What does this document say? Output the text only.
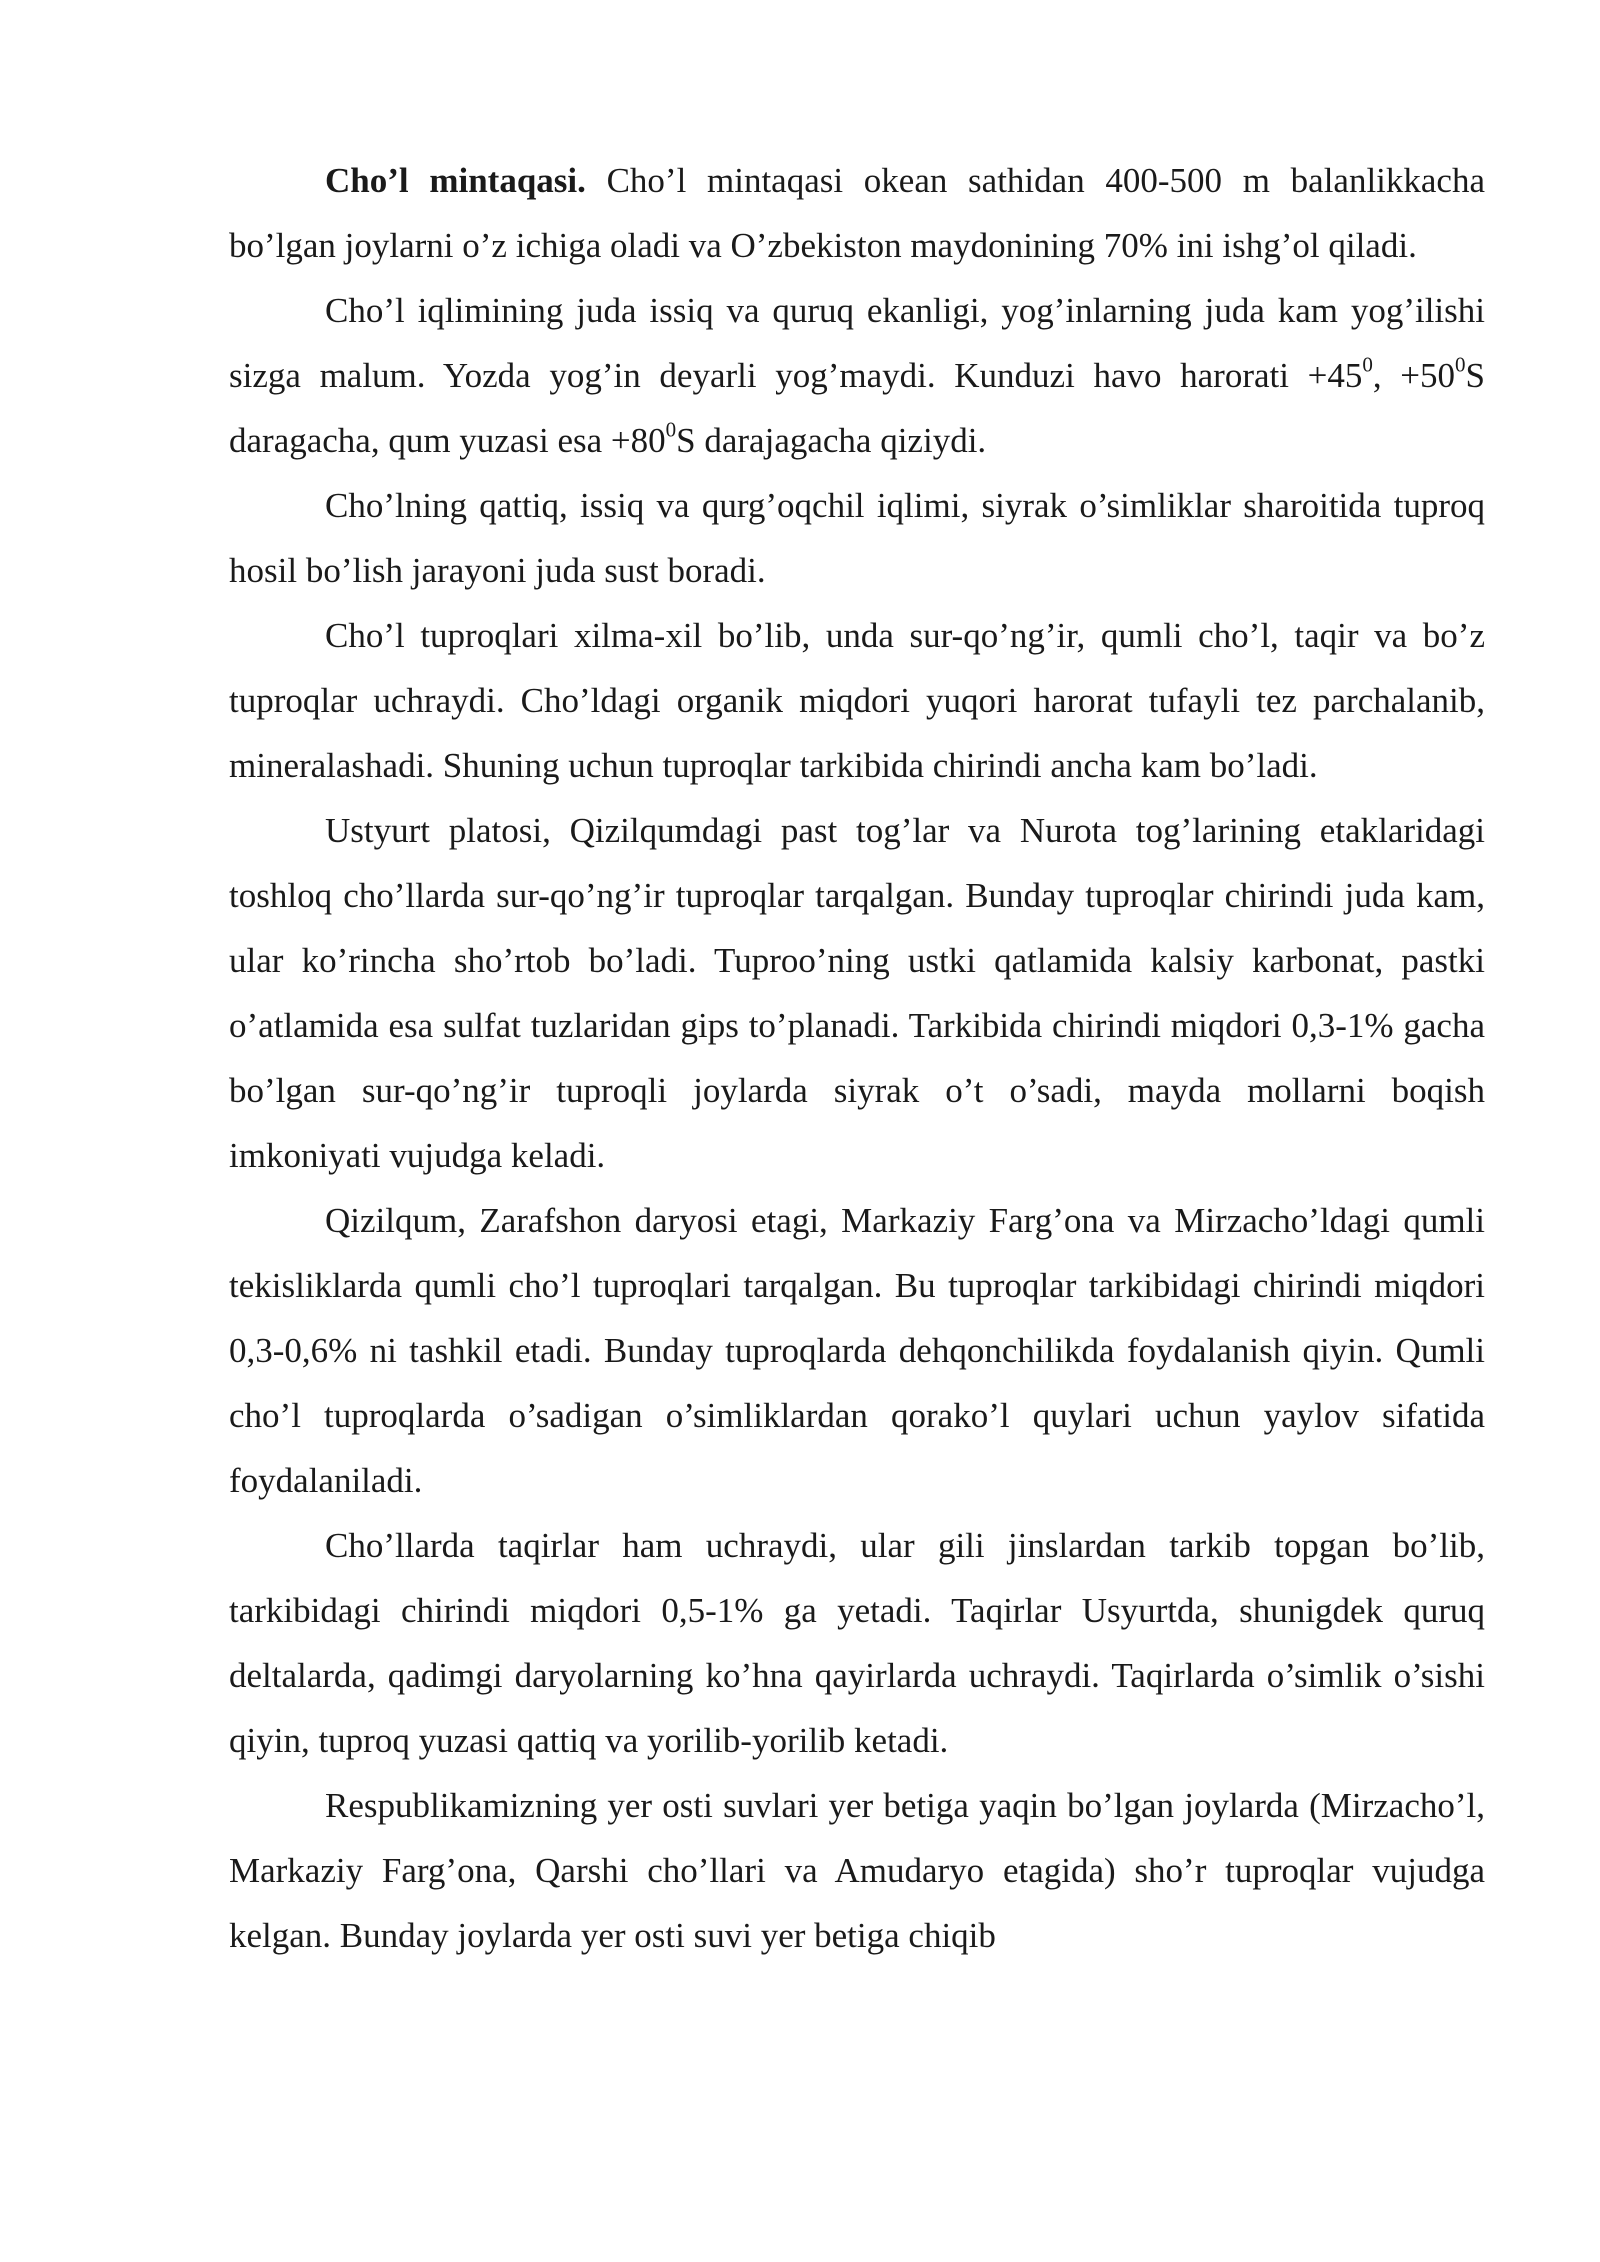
Cho’l mintaqasi. Cho’l mintaqasi okean sathidan 400-500 m balanlikkacha bo’lgan joylarni o’z ichiga oladi va O’zbekiston maydonining 70% ini ishg’ol qiladi.

Cho’l iqlimining juda issiq va quruq ekanligi, yog’inlarning juda kam yog’ilishi sizga malum. Yozda yog’in deyarli yog’maydi. Kunduzi havo harorati $+45^0$, $+50^0S$ daragacha, qum yuzasi esa $+80^0S$ darajagacha qiziydi.

Cho’lning qattiq, issiq va qurg’oqchil iqlimi, siyrak o’simliklar sharoitida tuproq hosil bo’lish jarayoni juda sust boradi.

Cho’l tuproqlari xilma-xil bo’lib, unda sur-qo’ng’ir, qumli cho’l, taqir va bo’z tuproqlar uchraydi. Cho’ldagi organik miqdori yuqori harorat tufayli tez parchalanib, mineralashadi. Shuning uchun tuproqlar tarkibida chirindi ancha kam bo’ladi.

Ustyurt platosi, Qizilqumdagi past tog’lar va Nurota tog’larining etaklaridagi toshloq cho’llarda sur-qo’ng’ir tuproqlar tarqalgan. Bunday tuproqlar chirindi juda kam, ular ko’rincha sho’rtob bo’ladi. Tuproo’ning ustki qatlamida kalsiy karbonat, pastki o’atlamida esa sulfat tuzlaridan gips to’planadi. Tarkibida chirindi miqdori 0,3-1% gacha bo’lgan sur-qo’ng’ir tuproqli joylarda siyrak o’t o’sadi, mayda mollarni boqish imkoniyati vujudga keladi.

Qizilqum, Zarafshon daryosi etagi, Markaziy Farg’ona va Mirzacho’ldagi qumli tekisliklarda qumli cho’l tuproqlari tarqalgan. Bu tuproqlar tarkibidagi chirindi miqdori 0,3-0,6% ni tashkil etadi. Bunday tuproqlarda dehqonchilikda foydalanish qiyin. Qumli cho’l tuproqlarda o’sadigan o’simliklardan qorako’l quylari uchun yaylov sifatida foydalaniladi.

Cho’llarda taqirlar ham uchraydi, ular gili jinslardan tarkib topgan bo’lib, tarkibidagi chirindi miqdori 0,5-1% ga yetadi. Taqirlar Usyurtda, shunigdek quruq deltalarda, qadimgi daryolarning ko’hna qayirlarda uchraydi. Taqirlarda o’simlik o’sishi qiyin, tuproq yuzasi qattiq va yorilib-yorilib ketadi.

Respublikamizning yer osti suvlari yer betiga yaqin bo’lgan joylarda (Mirzacho’l, Markaziy Farg’ona, Qarshi cho’llari va Amudaryo etagida) sho’r tuproqlar vujudga kelgan. Bunday joylarda yer osti suvi yer betiga chiqib
